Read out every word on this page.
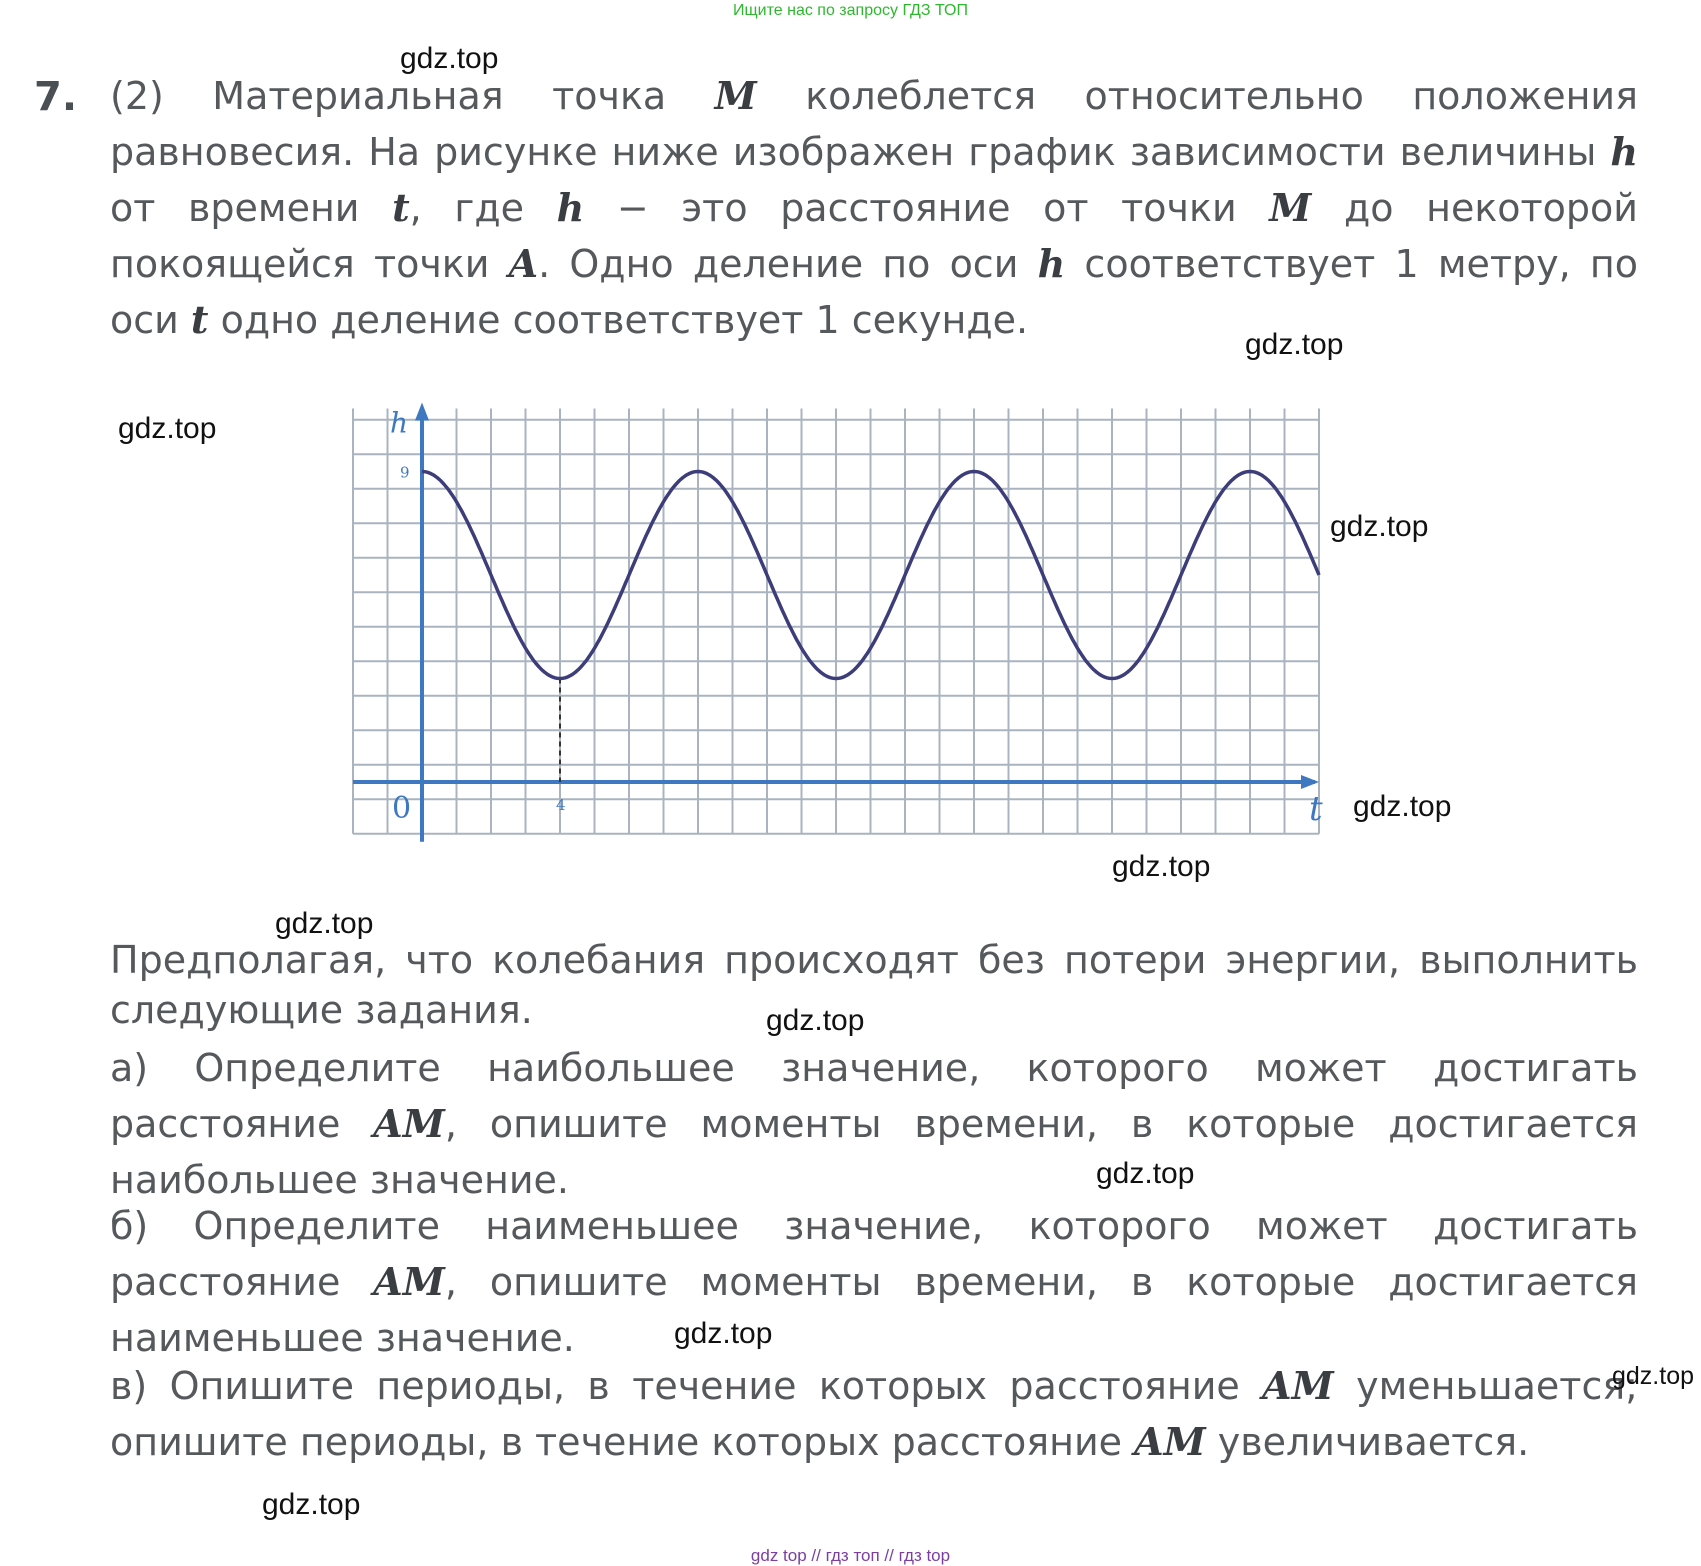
Ищите нас по запросу ГДЗ ТОП
7. (2) Материальная точка M колеблется относительно положения равновесия. На рисунке ниже изображен график зависимости величины h от времени t, где h − это расстояние от точки M до некоторой покоящейся точки A. Одно деление по оси h соответствует 1 метру, по оси t одно деление соответствует 1 секунде.

h
t
0
9
4

Предполагая, что колебания происходят без потери энергии, выполнить следующие задания.

а) Определите наибольшее значение, которого может достигать расстояние AM, опишите моменты времени, в которые достигается наибольшее значение.

б) Определите наименьшее значение, которого может достигать расстояние AM, опишите моменты времени, в которые достигается наименьшее значение.

в) Опишите периоды, в течение которых расстояние AM уменьшается; опишите периоды, в течение которых расстояние AM увеличивается.

gdz.top
gdz.top
gdz.top
gdz.top
gdz.top
gdz.top
gdz.top
gdz.top
gdz.top
gdz.top
gdz.top
gdz.top
gdz top // гдз топ // гдз top
